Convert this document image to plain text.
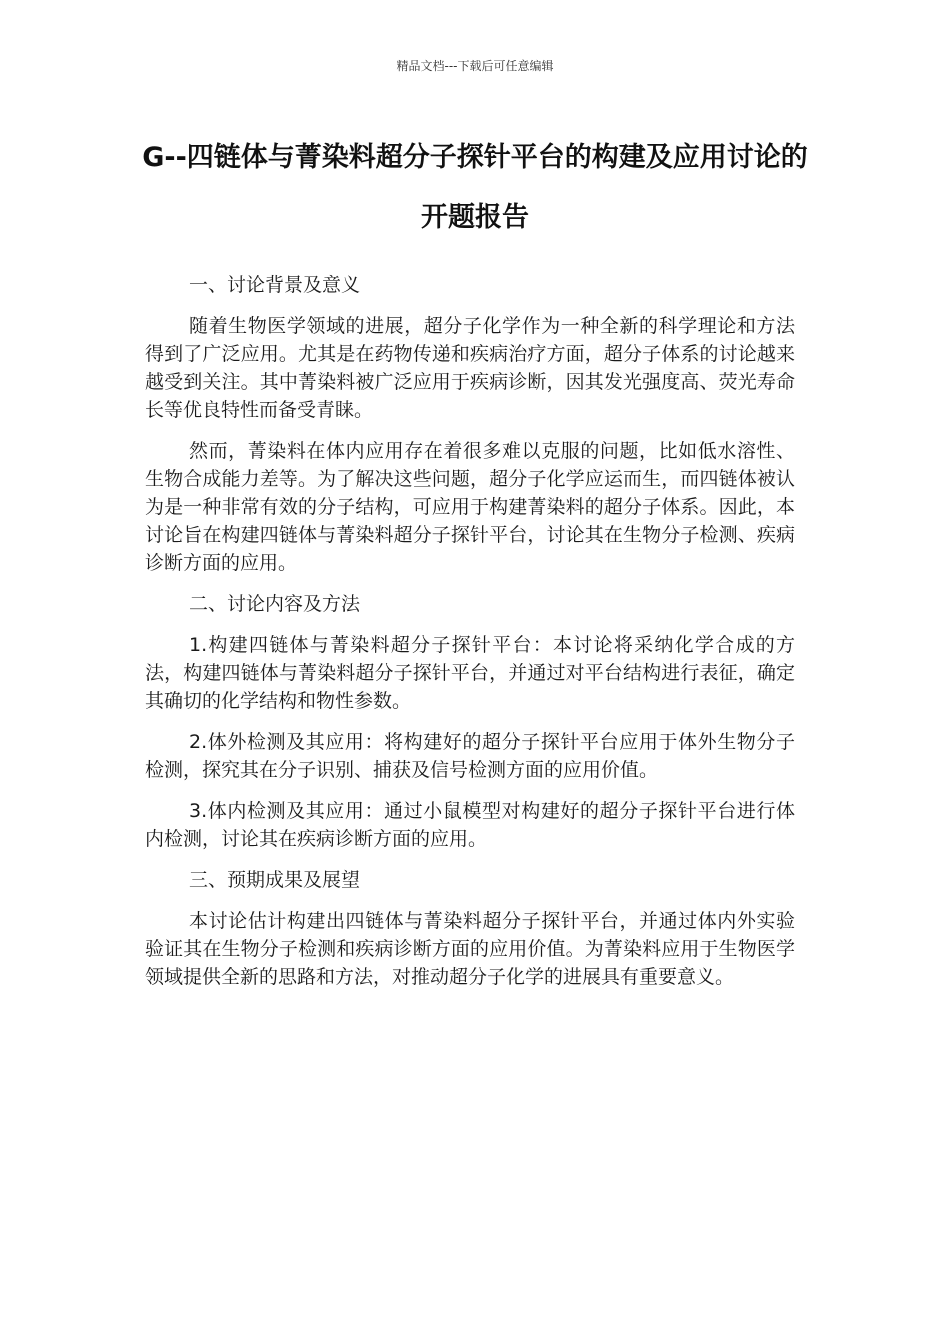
精品文档---下载后可任意编辑
G--四链体与菁染料超分子探针平台的构建及应用讨论的开题报告

一、讨论背景及意义

随着生物医学领域的进展，超分子化学作为一种全新的科学理论和方法得到了广泛应用。尤其是在药物传递和疾病治疗方面，超分子体系的讨论越来越受到关注。其中菁染料被广泛应用于疾病诊断，因其发光强度高、荧光寿命长等优良特性而备受青睐。

然而，菁染料在体内应用存在着很多难以克服的问题，比如低水溶性、生物合成能力差等。为了解决这些问题，超分子化学应运而生，而四链体被认为是一种非常有效的分子结构，可应用于构建菁染料的超分子体系。因此，本讨论旨在构建四链体与菁染料超分子探针平台，讨论其在生物分子检测、疾病诊断方面的应用。

二、讨论内容及方法

1.构建四链体与菁染料超分子探针平台：本讨论将采纳化学合成的方法，构建四链体与菁染料超分子探针平台，并通过对平台结构进行表征，确定其确切的化学结构和物性参数。

2.体外检测及其应用：将构建好的超分子探针平台应用于体外生物分子检测，探究其在分子识别、捕获及信号检测方面的应用价值。

3.体内检测及其应用：通过小鼠模型对构建好的超分子探针平台进行体内检测，讨论其在疾病诊断方面的应用。

三、预期成果及展望

本讨论估计构建出四链体与菁染料超分子探针平台，并通过体内外实验验证其在生物分子检测和疾病诊断方面的应用价值。为菁染料应用于生物医学领域提供全新的思路和方法，对推动超分子化学的进展具有重要意义。
